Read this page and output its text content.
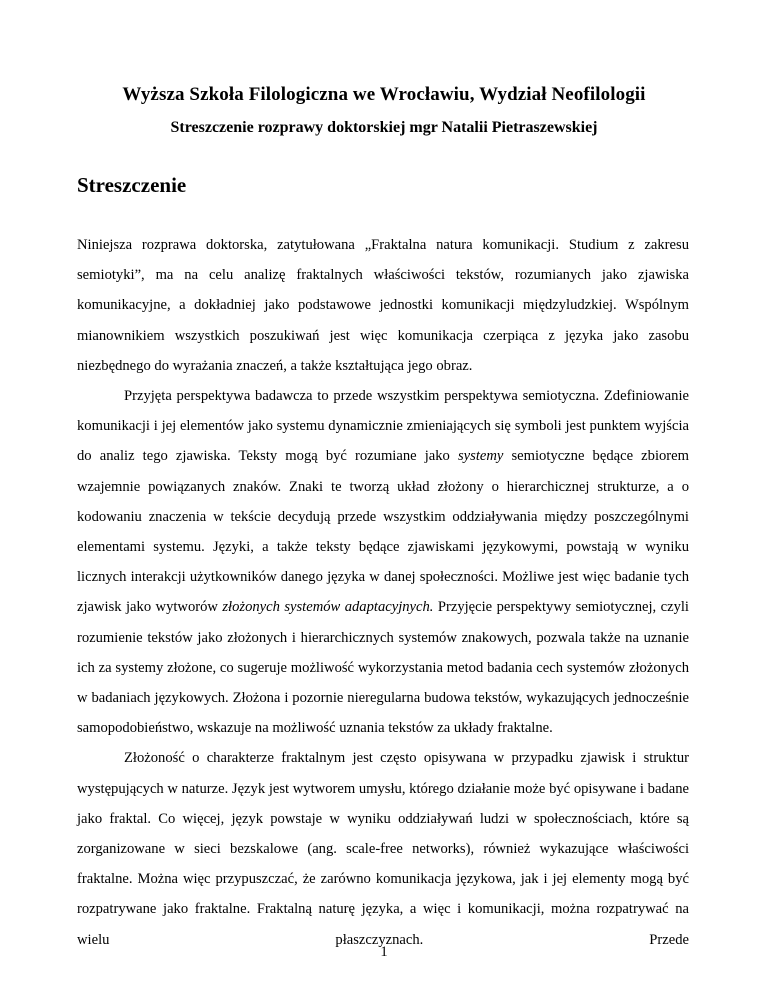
Wyższa Szkoła Filologiczna we Wrocławiu, Wydział Neofilologii
Streszczenie rozprawy doktorskiej mgr Natalii Pietraszewskiej
Streszczenie

Niniejsza rozprawa doktorska, zatytułowana „Fraktalna natura komunikacji. Studium z zakresu semiotyki”, ma na celu analizę fraktalnych właściwości tekstów, rozumianych jako zjawiska komunikacyjne, a dokładniej jako podstawowe jednostki komunikacji międzyludzkiej. Wspólnym mianownikiem wszystkich poszukiwań jest więc komunikacja czerpiąca z języka jako zasobu niezbędnego do wyrażania znaczeń, a także kształtująca jego obraz.

Przyjęta perspektywa badawcza to przede wszystkim perspektywa semiotyczna. Zdefiniowanie komunikacji i jej elementów jako systemu dynamicznie zmieniających się symboli jest punktem wyjścia do analiz tego zjawiska. Teksty mogą być rozumiane jako systemy semiotyczne będące zbiorem wzajemnie powiązanych znaków. Znaki te tworzą układ złożony o hierarchicznej strukturze, a o kodowaniu znaczenia w tekście decydują przede wszystkim oddziaływania między poszczególnymi elementami systemu. Języki, a także teksty będące zjawiskami językowymi, powstają w wyniku licznych interakcji użytkowników danego języka w danej społeczności. Możliwe jest więc badanie tych zjawisk jako wytworów złożonych systemów adaptacyjnych. Przyjęcie perspektywy semiotycznej, czyli rozumienie tekstów jako złożonych i hierarchicznych systemów znakowych, pozwala także na uznanie ich za systemy złożone, co sugeruje możliwość wykorzystania metod badania cech systemów złożonych w badaniach językowych. Złożona i pozornie nieregularna budowa tekstów, wykazujących jednocześnie samopodobieństwo, wskazuje na możliwość uznania tekstów za układy fraktalne.

Złożoność o charakterze fraktalnym jest często opisywana w przypadku zjawisk i struktur występujących w naturze. Język jest wytworem umysłu, którego działanie może być opisywane i badane jako fraktal. Co więcej, język powstaje w wyniku oddziaływań ludzi w społecznościach, które są zorganizowane w sieci bezskalowe (ang. scale-free networks), również wykazujące właściwości fraktalne. Można więc przypuszczać, że zarówno komunikacja językowa, jak i jej elementy mogą być rozpatrywane jako fraktalne. Fraktalną naturę języka, a więc i komunikacji, można rozpatrywać na wielu płaszczyznach. Przede

1
